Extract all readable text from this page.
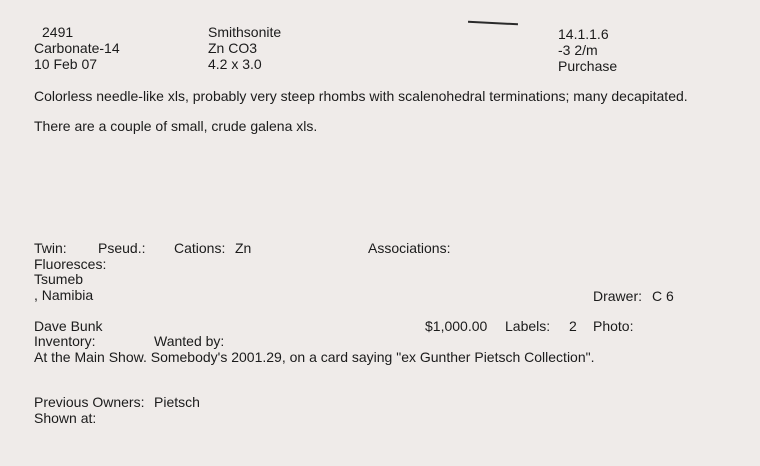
2491
Carbonate-14
10 Feb 07
Smithsonite
Zn CO3
4.2 x 3.0
14.1.1.6
-3 2/m
Purchase
Colorless needle-like xls, probably very steep rhombs with scalenohedral terminations; many decapitated.
There are a couple of small, crude galena xls.
Twin: Pseud.: Cations: Zn	Associations:
Fluoresces:
Tsumeb
, Namibia	Drawer: C 6
Dave Bunk	$1,000.00 Labels: 2 Photo:
Inventory:	Wanted by:
At the Main Show. Somebody's 2001.29, on a card saying "ex Gunther Pietsch Collection".
Previous Owners: Pietsch
Shown at:
